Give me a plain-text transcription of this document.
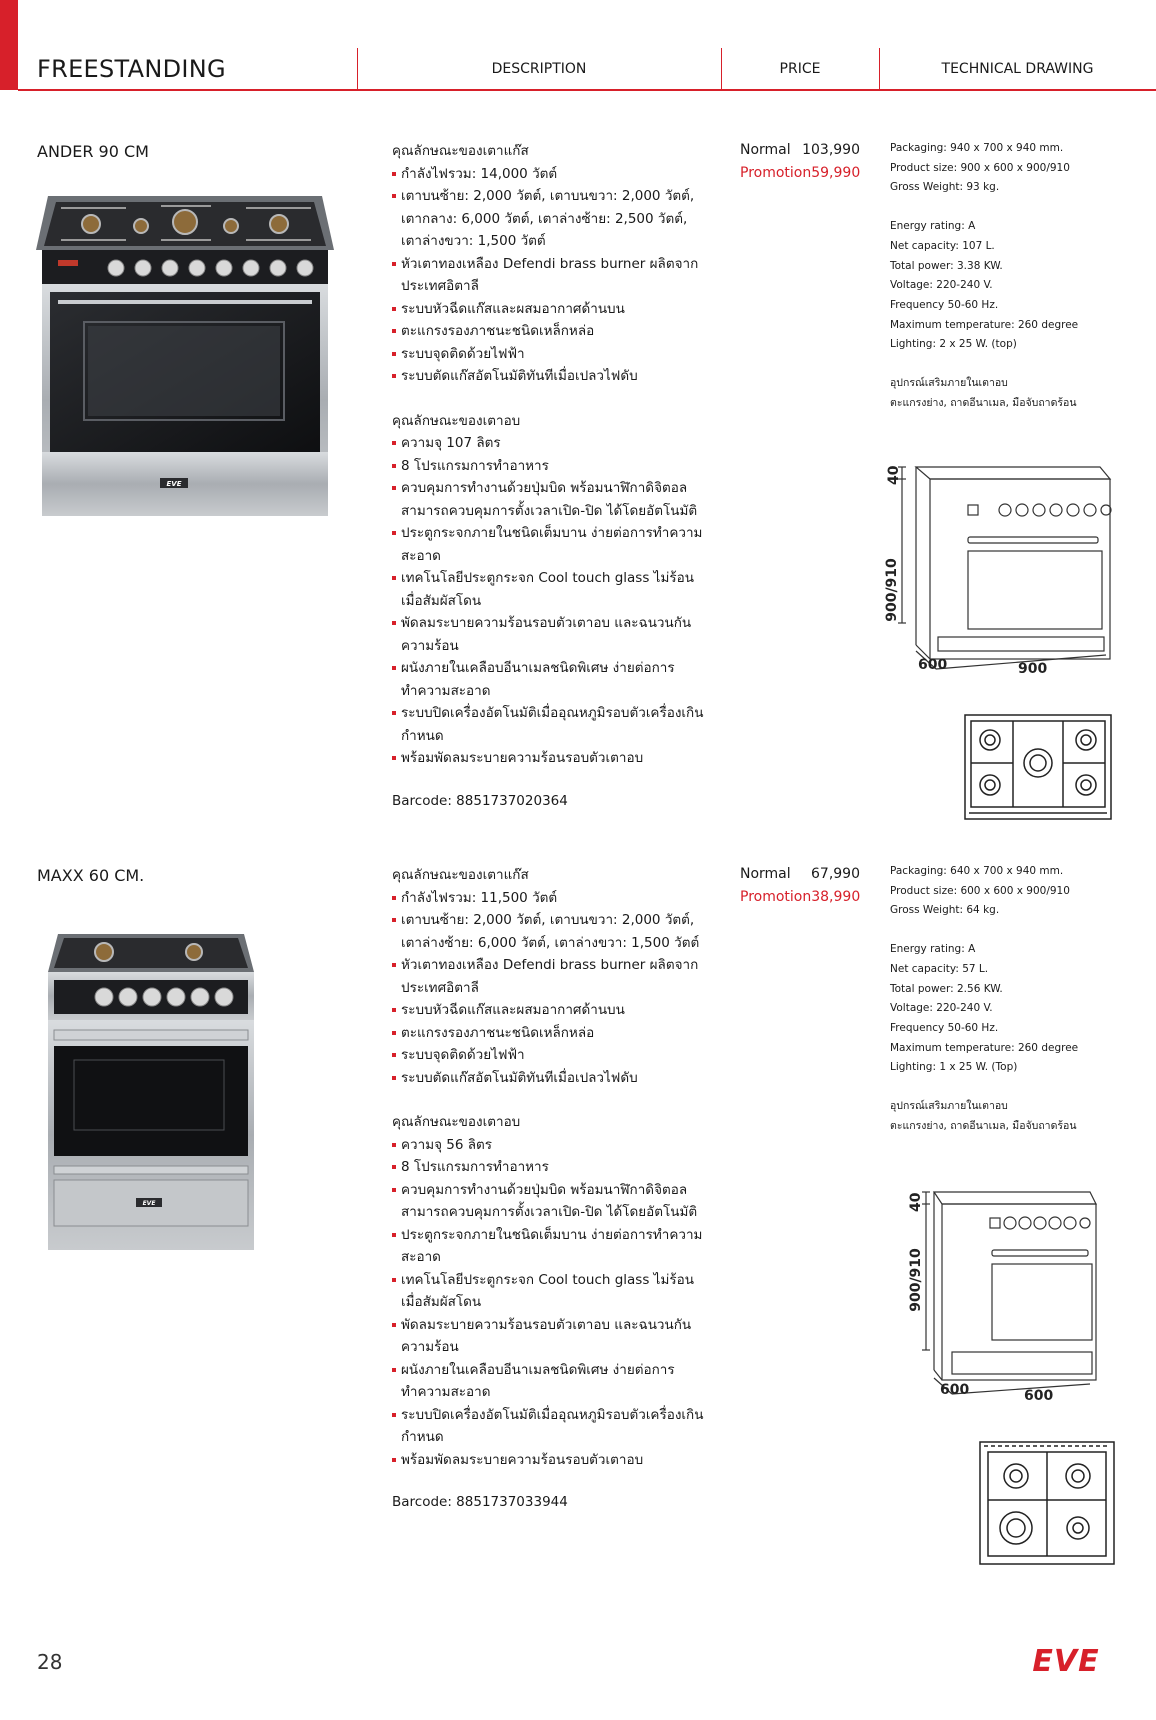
FREESTANDING	DESCRIPTION	PRICE	TECHNICAL DRAWING
ANDER 90 CM
EVE
คุณลักษณะของเตาแก๊ส
กำลังไฟรวม: 14,000 วัตต์
เตาบนซ้าย: 2,000 วัตต์, เตาบนขวา: 2,000 วัตต์, เตากลาง: 6,000 วัตต์, เตาล่างซ้าย: 2,500 วัตต์, เตาล่างขวา: 1,500 วัตต์
หัวเตาทองเหลือง Defendi brass burner ผลิตจากประเทศอิตาลี
ระบบหัวฉีดแก๊สและผสมอากาศด้านบน
ตะแกรงรองภาชนะชนิดเหล็กหล่อ
ระบบจุดติดด้วยไฟฟ้า
ระบบตัดแก๊สอัตโนมัติทันทีเมื่อเปลวไฟดับ
คุณลักษณะของเตาอบ
ความจุ 107 ลิตร
8 โปรแกรมการทำอาหาร
ควบคุมการทำงานด้วยปุ่มบิด พร้อมนาฬิกาดิจิตอล สามารถควบคุมการตั้งเวลาเปิด-ปิด ได้โดยอัตโนมัติ
ประตูกระจกภายในชนิดเต็มบาน ง่ายต่อการทำความสะอาด
เทคโนโลยีประตูกระจก Cool touch glass ไม่ร้อนเมื่อสัมผัสโดน
พัดลมระบายความร้อนรอบตัวเตาอบ และฉนวนกันความร้อน
ผนังภายในเคลือบอีนาเมลชนิดพิเศษ ง่ายต่อการทำความสะอาด
ระบบปิดเครื่องอัตโนมัติเมื่ออุณหภูมิรอบตัวเครื่องเกินกำหนด
พร้อมพัดลมระบายความร้อนรอบตัวเตาอบ
Barcode: 8851737020364
Normal 103,990
Promotion 59,990
Packaging: 940 x 700 x 940 mm.
Product size: 900 x 600 x 900/910
Gross Weight: 93 kg.
Energy rating: A
Net capacity: 107 L.
Total power: 3.38 KW.
Voltage: 220-240 V.
Frequency 50-60 Hz.
Maximum temperature: 260 degree
Lighting: 2 x 25 W. (top)
อุปกรณ์เสริมภายในเตาอบ
ตะแกรงย่าง, ถาดอีนาเมล, มือจับถาดร้อน
40
900/910
600	900
MAXX 60 CM.
EVE
คุณลักษณะของเตาแก๊ส
กำลังไฟรวม: 11,500 วัตต์
เตาบนซ้าย: 2,000 วัตต์, เตาบนขวา: 2,000 วัตต์, เตาล่างซ้าย: 6,000 วัตต์, เตาล่างขวา: 1,500 วัตต์
หัวเตาทองเหลือง Defendi brass burner ผลิตจากประเทศอิตาลี
ระบบหัวฉีดแก๊สและผสมอากาศด้านบน
ตะแกรงรองภาชนะชนิดเหล็กหล่อ
ระบบจุดติดด้วยไฟฟ้า
ระบบตัดแก๊สอัตโนมัติทันทีเมื่อเปลวไฟดับ
คุณลักษณะของเตาอบ
ความจุ 56 ลิตร
8 โปรแกรมการทำอาหาร
ควบคุมการทำงานด้วยปุ่มบิด พร้อมนาฬิกาดิจิตอล สามารถควบคุมการตั้งเวลาเปิด-ปิด ได้โดยอัตโนมัติ
ประตูกระจกภายในชนิดเต็มบาน ง่ายต่อการทำความสะอาด
เทคโนโลยีประตูกระจก Cool touch glass ไม่ร้อนเมื่อสัมผัสโดน
พัดลมระบายความร้อนรอบตัวเตาอบ และฉนวนกันความร้อน
ผนังภายในเคลือบอีนาเมลชนิดพิเศษ ง่ายต่อการทำความสะอาด
ระบบปิดเครื่องอัตโนมัติเมื่ออุณหภูมิรอบตัวเครื่องเกินกำหนด
พร้อมพัดลมระบายความร้อนรอบตัวเตาอบ
Barcode: 8851737033944
Normal 67,990
Promotion 38,990
Packaging: 640 x 700 x 940 mm.
Product size: 600 x 600 x 900/910
Gross Weight: 64 kg.
Energy rating: A
Net capacity: 57 L.
Total power: 2.56 KW.
Voltage: 220-240 V.
Frequency 50-60 Hz.
Maximum temperature: 260 degree
Lighting: 1 x 25 W. (Top)
อุปกรณ์เสริมภายในเตาอบ
ตะแกรงย่าง, ถาดอีนาเมล, มือจับถาดร้อน
40
900/910
600	600
28	EVE
